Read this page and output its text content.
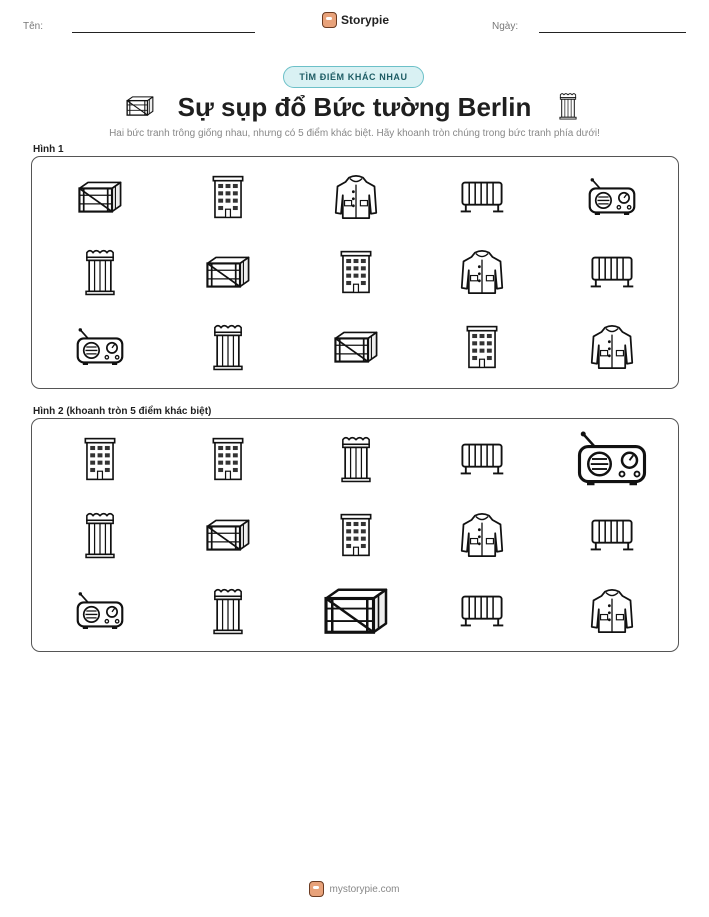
Tên:	Storypie	Ngày:
TÌM ĐIỂM KHÁC NHAU
Sự sụp đổ Bức tường Berlin
Hai bức tranh trông giống nhau, nhưng có 5 điểm khác biệt. Hãy khoanh tròn chúng trong bức tranh phía dưới!
Hình 1
Hình 2 (khoanh tròn 5 điểm khác biệt)
mystorypie.com
